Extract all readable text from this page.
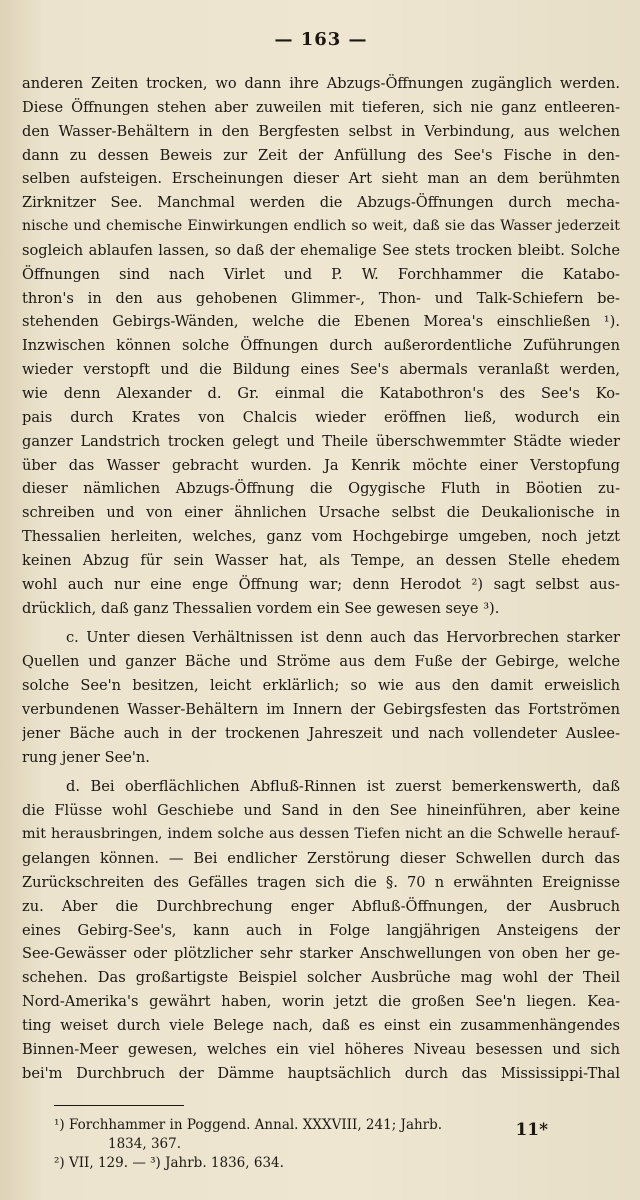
— 163 —
anderen Zeiten trocken, wo dann ihre Abzugs-Öffnungen zugänglich werden.
Diese Öffnungen stehen aber zuweilen mit tieferen, sich nie ganz entleeren-
den Wasser-Behältern in den Bergfesten selbst in Verbindung, aus welchen
dann zu dessen Beweis zur Zeit der Anfüllung des See's Fische in den-
selben aufsteigen. Erscheinungen dieser Art sieht man an dem berühmten
Zirknitzer See. Manchmal werden die Abzugs-Öffnungen durch mecha-
nische und chemische Einwirkungen endlich so weit, daß sie das Wasser jederzeit
sogleich ablaufen lassen, so daß der ehemalige See stets trocken bleibt. Solche
Öffnungen sind nach Virlet und P. W. Forchhammer die Katabo-
thron's in den aus gehobenen Glimmer-, Thon- und Talk-Schiefern be-
stehenden Gebirgs-Wänden, welche die Ebenen Morea's einschließen ¹).
Inzwischen können solche Öffnungen durch außerordentliche Zuführungen
wieder verstopft und die Bildung eines See's abermals veranlaßt werden,
wie denn Alexander d. Gr. einmal die Katabothron's des See's Ko-
pais durch Krates von Chalcis wieder eröffnen ließ, wodurch ein
ganzer Landstrich trocken gelegt und Theile überschwemmter Städte wieder
über das Wasser gebracht wurden. Ja Kenrik möchte einer Verstopfung
dieser nämlichen Abzugs-Öffnung die Ogygische Fluth in Böotien zu-
schreiben und von einer ähnlichen Ursache selbst die Deukalionische in
Thessalien herleiten, welches, ganz vom Hochgebirge umgeben, noch jetzt
keinen Abzug für sein Wasser hat, als Tempe, an dessen Stelle ehedem
wohl auch nur eine enge Öffnung war; denn Herodot ²) sagt selbst aus-
drücklich, daß ganz Thessalien vordem ein See gewesen seye ³).
c. Unter diesen Verhältnissen ist denn auch das Hervorbrechen starker
Quellen und ganzer Bäche und Ströme aus dem Fuße der Gebirge, welche
solche See'n besitzen, leicht erklärlich; so wie aus den damit erweislich
verbundenen Wasser-Behältern im Innern der Gebirgsfesten das Fortströmen
jener Bäche auch in der trockenen Jahreszeit und nach vollendeter Auslee-
rung jener See'n.
d. Bei oberflächlichen Abfluß-Rinnen ist zuerst bemerkenswerth, daß
die Flüsse wohl Geschiebe und Sand in den See hineinführen, aber keine
mit herausbringen, indem solche aus dessen Tiefen nicht an die Schwelle herauf-
gelangen können. — Bei endlicher Zerstörung dieser Schwellen durch das
Zurückschreiten des Gefälles tragen sich die §. 70 n erwähnten Ereignisse
zu. Aber die Durchbrechung enger Abfluß-Öffnungen, der Ausbruch
eines Gebirg-See's, kann auch in Folge langjährigen Ansteigens der
See-Gewässer oder plötzlicher sehr starker Anschwellungen von oben her ge-
schehen. Das großartigste Beispiel solcher Ausbrüche mag wohl der Theil
Nord-Amerika's gewährt haben, worin jetzt die großen See'n liegen. Kea-
ting weiset durch viele Belege nach, daß es einst ein zusammenhängendes
Binnen-Meer gewesen, welches ein viel höheres Niveau besessen und sich
bei'm Durchbruch der Dämme hauptsächlich durch das Mississippi-Thal
¹) Forchhammer in Poggend. Annal. XXXVIII, 241; Jahrb.
1834, 367.
²) VII, 129. — ³) Jahrb. 1836, 634.
11*
